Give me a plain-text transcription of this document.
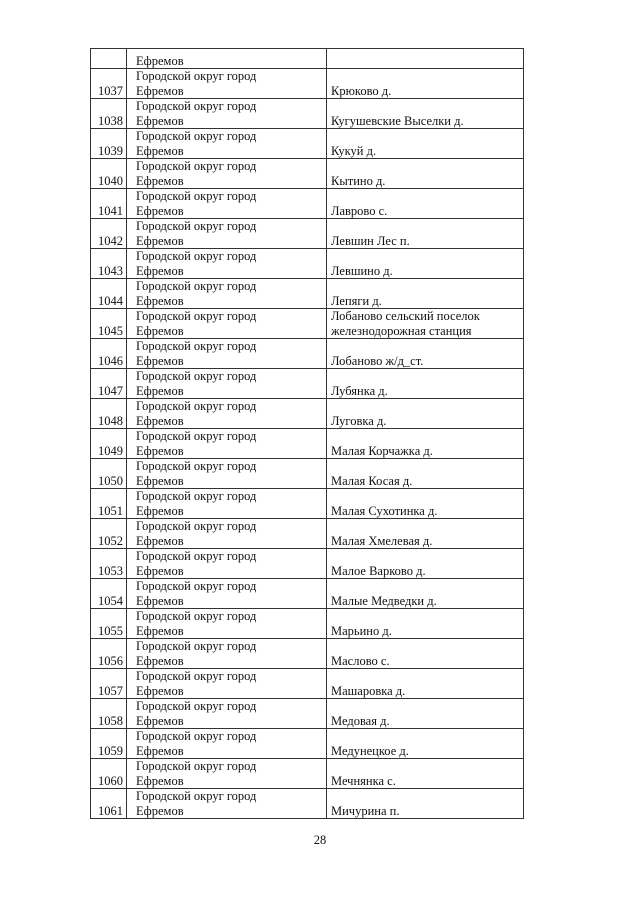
	Ефремов	
1037	Городской округ город
Ефремов	Крюково д.

1038	Городской округ город
Ефремов	Кугушевские Выселки д.

1039	Городской округ город
Ефремов	Кукуй д.

1040	Городской округ город
Ефремов	Кытино д.

1041	Городской округ город
Ефремов	Лаврово с.

1042	Городской округ город
Ефремов	Левшин Лес п.

1043	Городской округ город
Ефремов	Левшино д.

1044	Городской округ город
Ефремов	Лепяги д.

1045	Городской округ город
Ефремов	Лобаново сельский поселок
железнодорожная станция

1046	Городской округ город
Ефремов	Лобаново ж/д_ст.

1047	Городской округ город
Ефремов	Лубянка д.

1048	Городской округ город
Ефремов	Луговка д.

1049	Городской округ город
Ефремов	Малая Корчажка д.

1050	Городской округ город
Ефремов	Малая Косая д.

1051	Городской округ город
Ефремов	Малая Сухотинка д.

1052	Городской округ город
Ефремов	Малая Хмелевая д.

1053	Городской округ город
Ефремов	Малое Варково д.

1054	Городской округ город
Ефремов	Малые Медведки д.

1055	Городской округ город
Ефремов	Марьино д.

1056	Городской округ город
Ефремов	Маслово с.

1057	Городской округ город
Ефремов	Машаровка д.

1058	Городской округ город
Ефремов	Медовая д.

1059	Городской округ город
Ефремов	Медунецкое д.

1060	Городской округ город
Ефремов	Мечнянка с.

1061	Городской округ город
Ефремов	Мичурина п.
28
